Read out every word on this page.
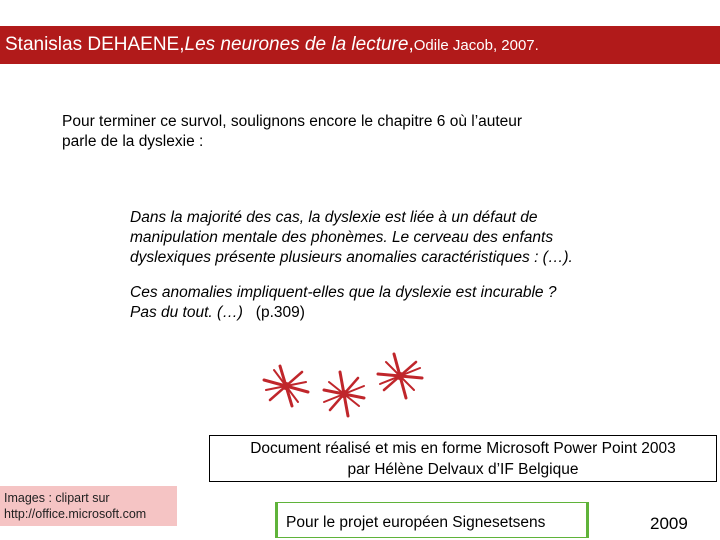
Stanislas DEHAENE, Les neurones de la lecture , Odile Jacob, 2007.
Pour terminer ce survol, soulignons encore le chapitre 6 où l’auteur
parle de la dyslexie :

Dans la majorité des cas, la dyslexie est liée à un défaut de
manipulation mentale des phonèmes. Le cerveau des enfants
dyslexiques présente plusieurs anomalies caractéristiques : (…).

Ces anomalies impliquent-elles que la dyslexie est incurable ?
Pas du tout. (…) (p.309)

Document réalisé et mis en forme Microsoft Power Point 2003
par Hélène Delvaux d’IF Belgique
Images : clipart sur
http://office.microsoft.com	Pour le projet européen Signesetsens	2009
